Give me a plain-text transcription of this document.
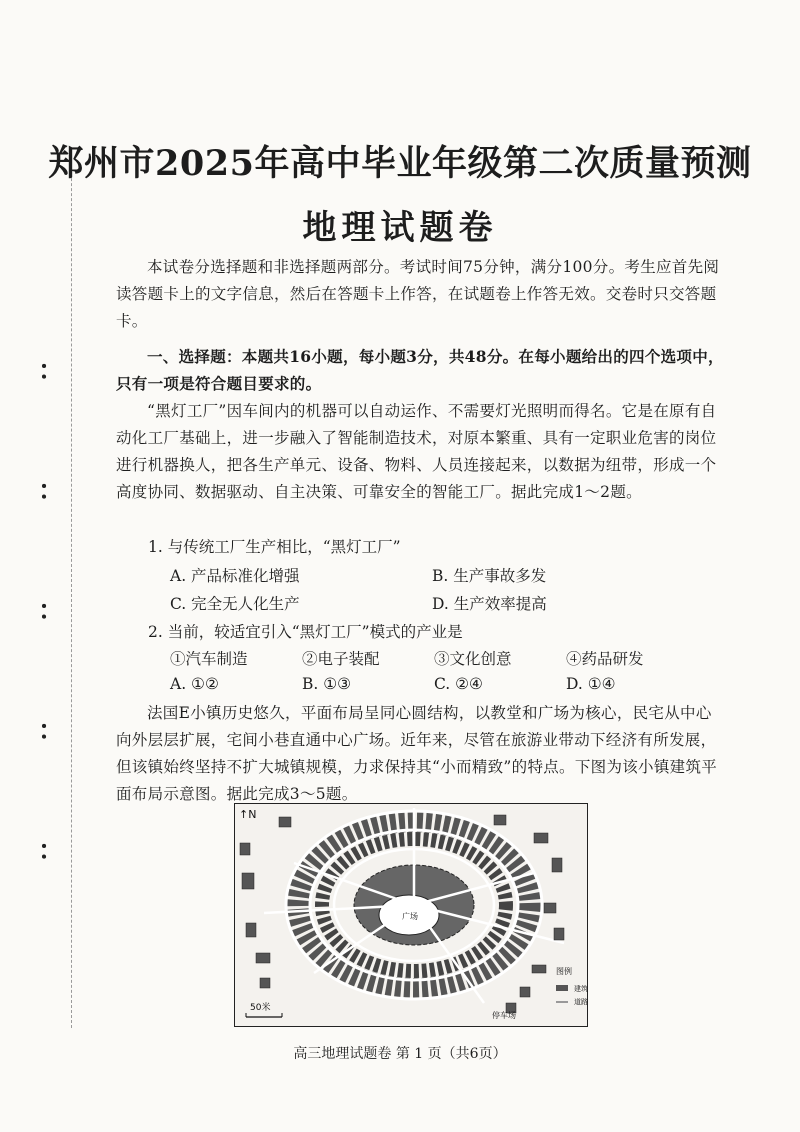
：
：
：
：
：
郑州市2025年高中毕业年级第二次质量预测
地理试题卷

本试卷分选择题和非选择题两部分。考试时间75分钟，满分100分。考生应首先阅读答题卡上的文字信息，然后在答题卡上作答，在试题卷上作答无效。交卷时只交答题卡。

一、选择题：本题共16小题，每小题3分，共48分。在每小题给出的四个选项中，只有一项是符合题目要求的。

“黑灯工厂”因车间内的机器可以自动运作、不需要灯光照明而得名。它是在原有自动化工厂基础上，进一步融入了智能制造技术，对原本繁重、具有一定职业危害的岗位进行机器换人，把各生产单元、设备、物料、人员连接起来，以数据为纽带，形成一个高度协同、数据驱动、自主决策、可靠安全的智能工厂。据此完成1～2题。

1. 与传统工厂生产相比，“黑灯工厂”
A. 产品标准化增强	B. 生产事故多发
C. 完全无人化生产	D. 生产效率提高
2. 当前，较适宜引入“黑灯工厂”模式的产业是
①汽车制造	②电子装配	③文化创意	④药品研发
A. ①②	B. ①③	C. ②④	D. ①④

法国E小镇历史悠久，平面布局呈同心圆结构，以教堂和广场为核心，民宅从中心向外层层扩展，宅间小巷直通中心广场。近年来，尽管在旅游业带动下经济有所发展，但该镇始终坚持不扩大城镇规模，力求保持其“小而精致”的特点。下图为该小镇建筑平面布局示意图。据此完成3～5题。

↑N
广场
50米
图例
建筑
道路
停车场
高三地理试题卷 第 1 页（共6页）
